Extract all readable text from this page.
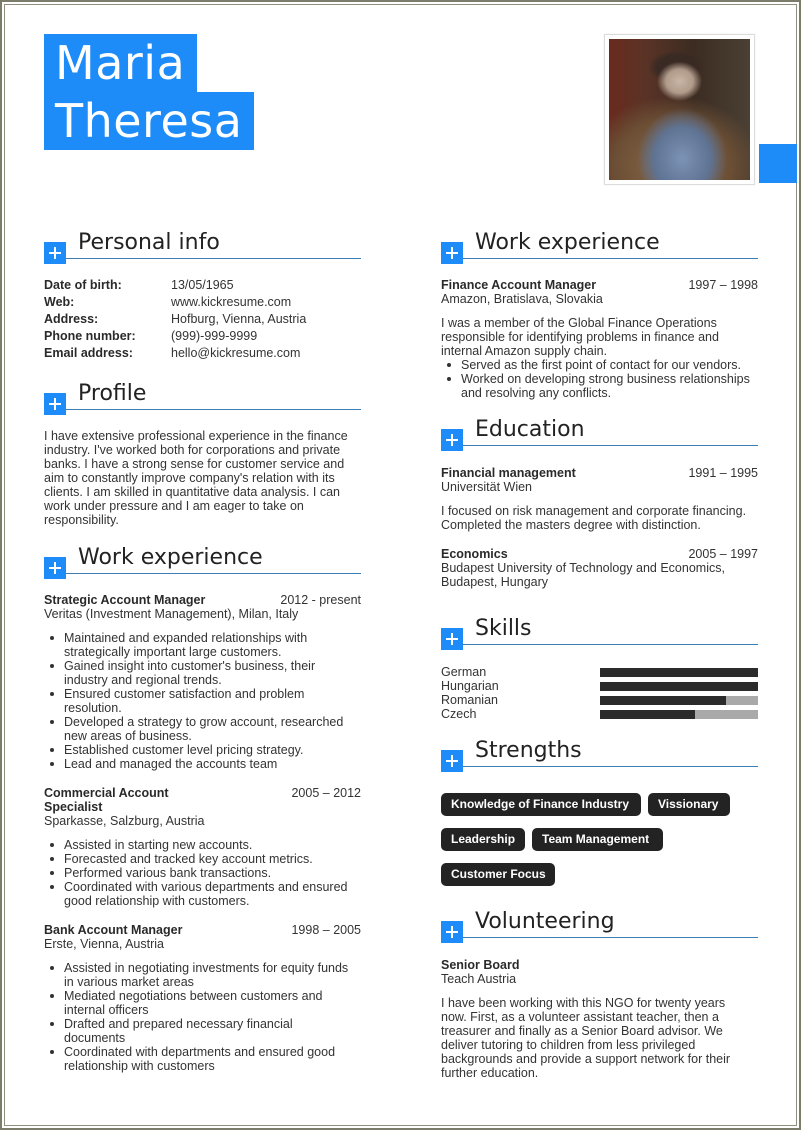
Maria
Theresa
Personal info
Date of birth:	13/05/1965
Web:	www.kickresume.com
Address:	Hofburg, Vienna, Austria
Phone number:	(999)-999-9999
Email address:	hello@kickresume.com
Profile
I have extensive professional experience in the finance
industry. I've worked both for corporations and private
banks. I have a strong sense for customer service and
aim to constantly improve company's relation with its
clients. I am skilled in quantitative data analysis. I can
work under pressure and I am eager to take on
responsibility.
Work experience
Strategic Account Manager	2012 - present
Veritas (Investment Management), Milan, Italy
Maintained and expanded relationships with
strategically important large customers.
Gained insight into customer's business, their
industry and regional trends.
Ensured customer satisfaction and problem
resolution.
Developed a strategy to grow account, researched
new areas of business.
Established customer level pricing strategy.
Lead and managed the accounts team
Commercial Account
Specialist
2005 – 2012
Sparkasse, Salzburg, Austria
Assisted in starting new accounts.
Forecasted and tracked key account metrics.
Performed various bank transactions.
Coordinated with various departments and ensured
good relationship with customers.
Bank Account Manager	1998 – 2005
Erste, Vienna, Austria
Assisted in negotiating investments for equity funds
in various market areas
Mediated negotiations between customers and
internal officers
Drafted and prepared necessary financial
documents
Coordinated with departments and ensured good
relationship with customers
Work experience
Finance Account Manager	1997 – 1998
Amazon, Bratislava, Slovakia
I was a member of the Global Finance Operations
responsible for identifying problems in finance and
internal Amazon supply chain.
Served as the first point of contact for our vendors.
Worked on developing strong business relationships
and resolving any conflicts.
Education
Financial management	1991 – 1995
Universität Wien
I focused on risk management and corporate financing.
Completed the masters degree with distinction.
Economics	2005 – 1997
Budapest University of Technology and Economics,
Budapest, Hungary
Skills
German
Hungarian
Romanian
Czech
Strengths
Knowledge of Finance Industry	Vissionary
Leadership	Team Management
Customer Focus
Volunteering
Senior Board
Teach Austria
I have been working with this NGO for twenty years
now. First, as a volunteer assistant teacher, then a
treasurer and finally as a Senior Board advisor. We
deliver tutoring to children from less privileged
backgrounds and provide a support network for their
further education.
